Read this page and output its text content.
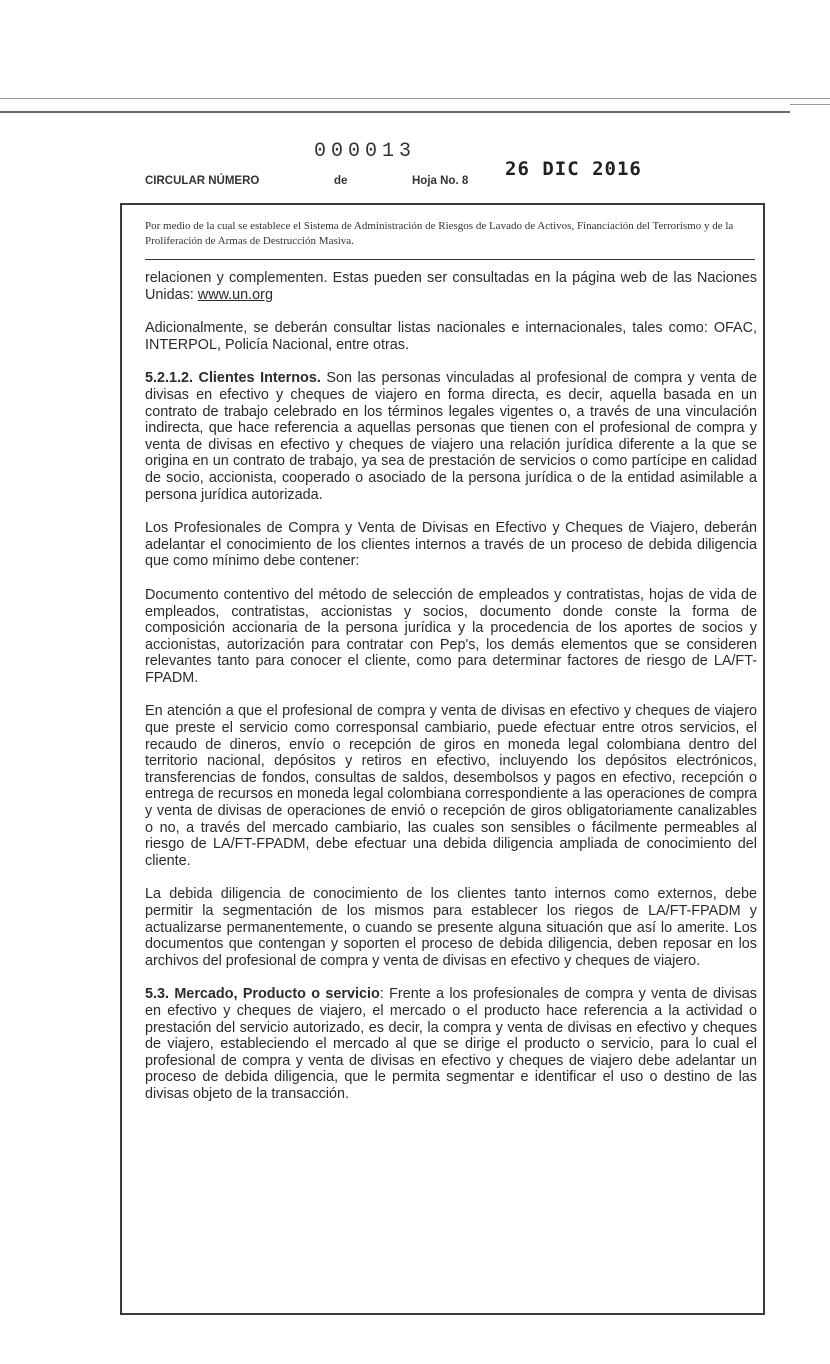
000013
CIRCULAR NÚMERO	de	Hoja No. 8
26 DIC 2016
Por medio de la cual se establece el Sistema de Administración de Riesgos de Lavado de Activos, Financiación del Terrorismo y de la Proliferación de Armas de Destrucción Masiva.

relacionen y complementen. Estas pueden ser consultadas en la página web de las Naciones Unidas: www.un.org

Adicionalmente, se deberán consultar listas nacionales e internacionales, tales como: OFAC, INTERPOL, Policía Nacional, entre otras.

5.2.1.2. Clientes Internos. Son las personas vinculadas al profesional de compra y venta de divisas en efectivo y cheques de viajero en forma directa, es decir, aquella basada en un contrato de trabajo celebrado en los términos legales vigentes o, a través de una vinculación indirecta, que hace referencia a aquellas personas que tienen con el profesional de compra y venta de divisas en efectivo y cheques de viajero una relación jurídica diferente a la que se origina en un contrato de trabajo, ya sea de prestación de servicios o como partícipe en calidad de socio, accionista, cooperado o asociado de la persona jurídica o de la entidad asimilable a persona jurídica autorizada.

Los Profesionales de Compra y Venta de Divisas en Efectivo y Cheques de Viajero, deberán adelantar el conocimiento de los clientes internos a través de un proceso de debida diligencia que como mínimo debe contener:

Documento contentivo del método de selección de empleados y contratistas, hojas de vida de empleados, contratistas, accionistas y socios, documento donde conste la forma de composición accionaria de la persona jurídica y la procedencia de los aportes de socios y accionistas, autorización para contratar con Pep's, los demás elementos que se consideren relevantes tanto para conocer el cliente, como para determinar factores de riesgo de LA/FT-FPADM.

En atención a que el profesional de compra y venta de divisas en efectivo y cheques de viajero que preste el servicio como corresponsal cambiario, puede efectuar entre otros servicios, el recaudo de dineros, envío o recepción de giros en moneda legal colombiana dentro del territorio nacional, depósitos y retiros en efectivo, incluyendo los depósitos electrónicos, transferencias de fondos, consultas de saldos, desembolsos y pagos en efectivo, recepción o entrega de recursos en moneda legal colombiana correspondiente a las operaciones de compra y venta de divisas de operaciones de envió o recepción de giros obligatoriamente canalizables o no, a través del mercado cambiario, las cuales son sensibles o fácilmente permeables al riesgo de LA/FT-FPADM, debe efectuar una debida diligencia ampliada de conocimiento del cliente.

La debida diligencia de conocimiento de los clientes tanto internos como externos, debe permitir la segmentación de los mismos para establecer los riegos de LA/FT-FPADM y actualizarse permanentemente, o cuando se presente alguna situación que así lo amerite. Los documentos que contengan y soporten el proceso de debida diligencia, deben reposar en los archivos del profesional de compra y venta de divisas en efectivo y cheques de viajero.

5.3. Mercado, Producto o servicio: Frente a los profesionales de compra y venta de divisas en efectivo y cheques de viajero, el mercado o el producto hace referencia a la actividad o prestación del servicio autorizado, es decir, la compra y venta de divisas en efectivo y cheques de viajero, estableciendo el mercado al que se dirige el producto o servicio, para lo cual el profesional de compra y venta de divisas en efectivo y cheques de viajero debe adelantar un proceso de debida diligencia, que le permita segmentar e identificar el uso o destino de las divisas objeto de la transacción.
